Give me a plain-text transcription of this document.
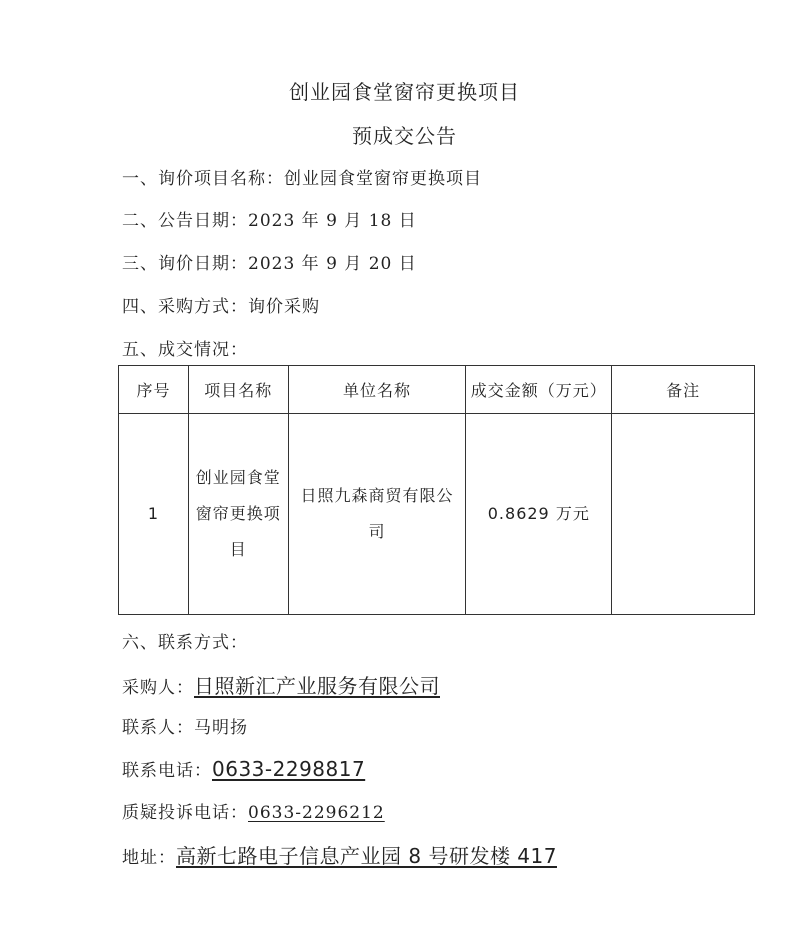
创业园食堂窗帘更换项目
预成交公告
一、询价项目名称：创业园食堂窗帘更换项目
二、公告日期：2023 年 9 月 18 日
三、询价日期：2023 年 9 月 20 日
四、采购方式：询价采购
五、成交情况：
序号	项目名称	单位名称	成交金额（万元）	备注
1	创业园食堂窗帘更换项目	日照九森商贸有限公司	0.8629 万元	
六、联系方式：
采购人：日照新汇产业服务有限公司
联系人：马明扬
联系电话：0633-2298817
质疑投诉电话：0633-2296212
地址：高新七路电子信息产业园 8 号研发楼 417
